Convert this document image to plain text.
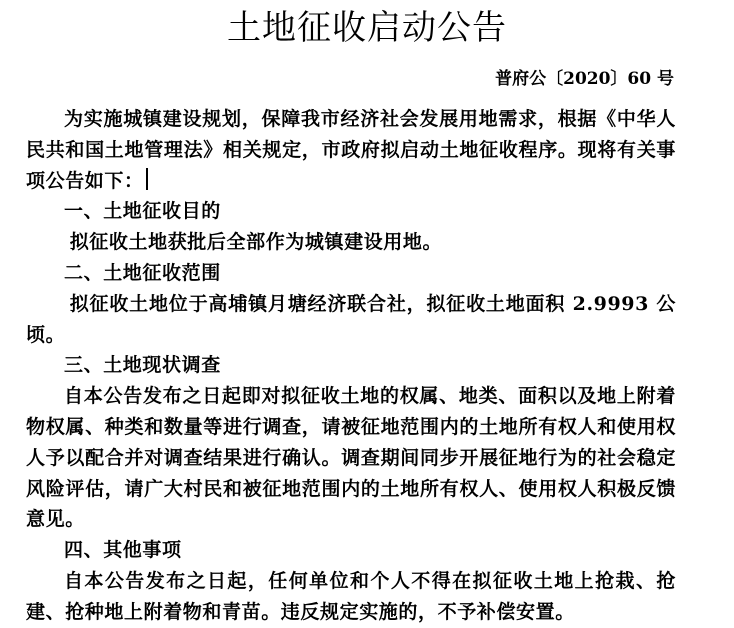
土地征收启动公告
普府公〔2020〕60 号

为实施城镇建设规划，保障我市经济社会发展用地需求，根据《中华人民共和国土地管理法》相关规定，市政府拟启动土地征收程序。现将有关事项公告如下：

一、土地征收目的

拟征收土地获批后全部作为城镇建设用地。

二、土地征收范围

拟征收土地位于高埔镇月塘经济联合社，拟征收土地面积 2.9993 公顷。

三、土地现状调查

自本公告发布之日起即对拟征收土地的权属、地类、面积以及地上附着物权属、种类和数量等进行调查，请被征地范围内的土地所有权人和使用权人予以配合并对调查结果进行确认。调查期间同步开展征地行为的社会稳定风险评估，请广大村民和被征地范围内的土地所有权人、使用权人积极反馈意见。

四、其他事项

自本公告发布之日起，任何单位和个人不得在拟征收土地上抢栽、抢建、抢种地上附着物和青苗。违反规定实施的，不予补偿安置。
